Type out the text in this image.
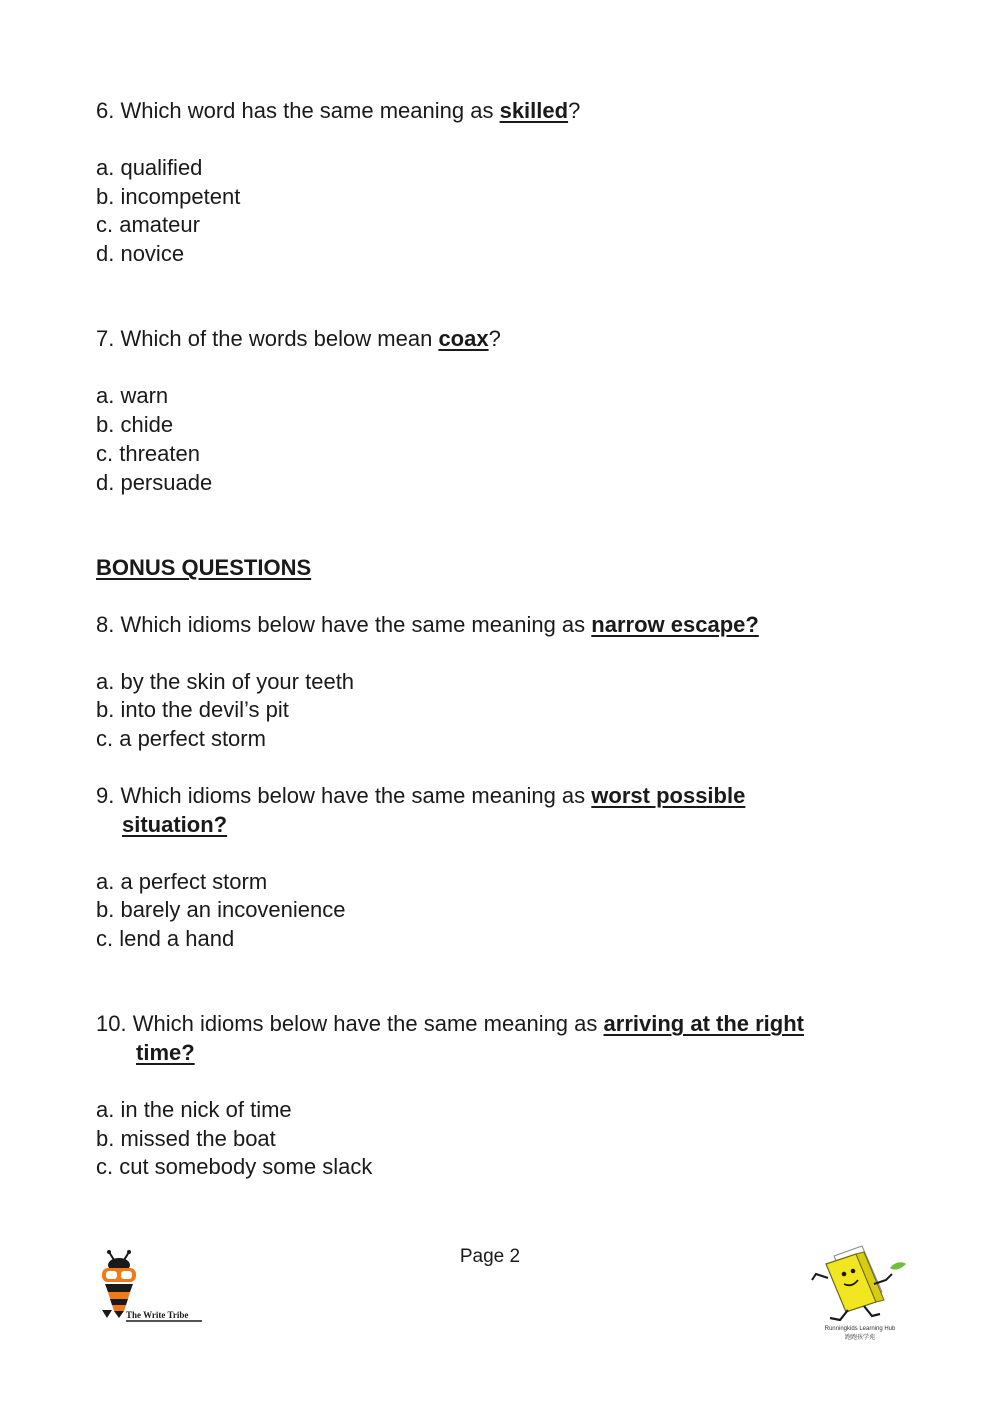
6. Which word has the same meaning as skilled?
a. qualified
b. incompetent
c. amateur
d. novice
7. Which of the words below mean coax?
a. warn
b. chide
c. threaten
d. persuade
BONUS QUESTIONS
8. Which idioms below have the same meaning as narrow escape?
a. by the skin of your teeth
b. into the devil’s pit
c. a perfect storm
9. Which idioms below have the same meaning as worst possible
situation?
a. a perfect storm
b. barely an incovenience
c. lend a hand
10. Which idioms below have the same meaning as arriving at the right
time?
a. in the nick of time
b. missed the boat
c. cut somebody some slack
Page 2
The Write Tribe
Runningkids Learning Hub
跑跑孩学苑
